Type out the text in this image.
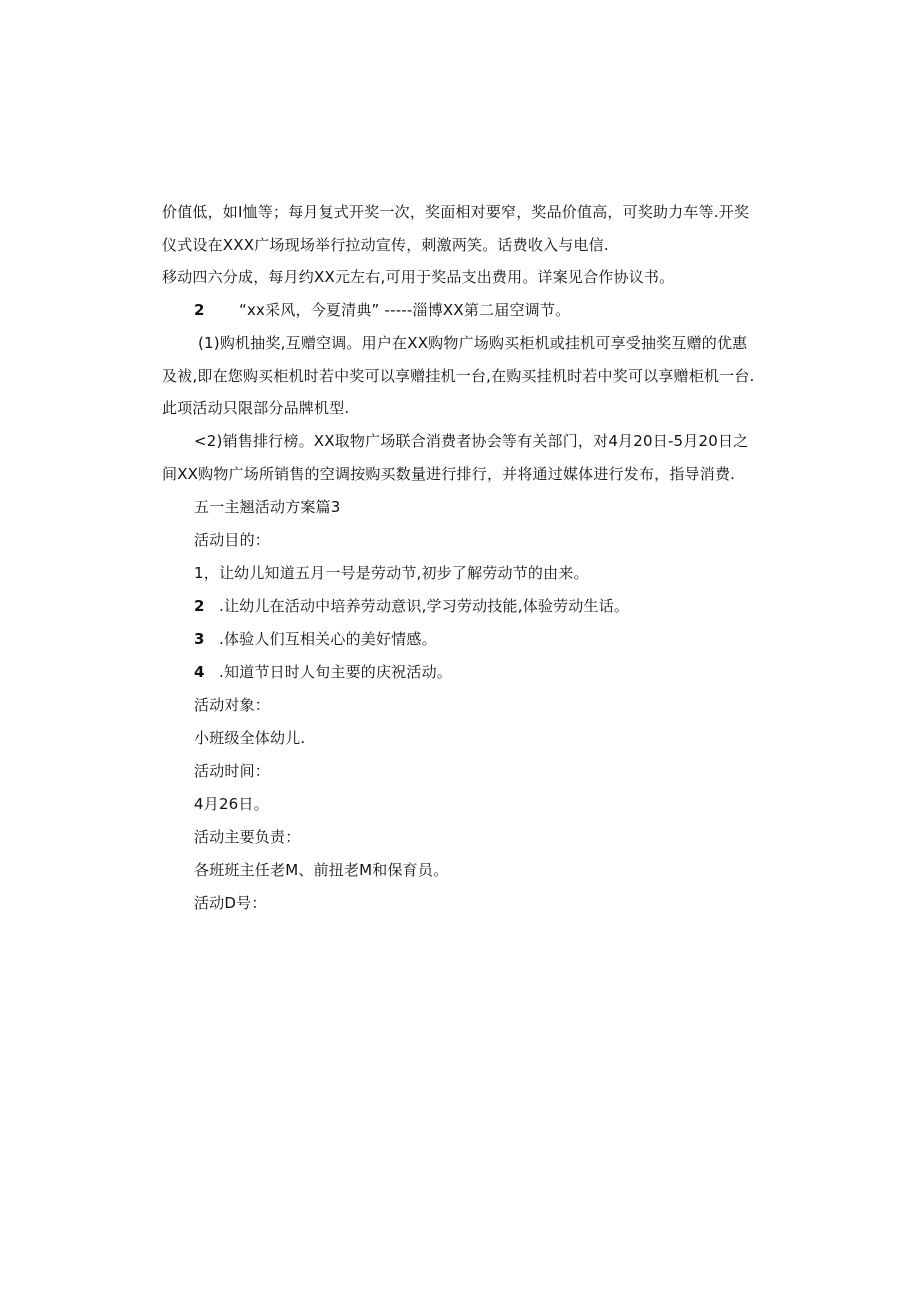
价值低，如I恤等；每月复式开奖一次，奖面相对要窄，奖品价值高，可奖助力车等.开奖
仪式设在XXX广场现场举行拉动宣传，刺激两笑。话费收入与电信.
移动四六分成，每月约XX元左右,可用于奖品支出费用。详案见合作协议书。
2 “xx采风，今夏清典” -----淄博XX第二届空调节。
(1)购机抽奖,互赠空调。用户在XX购物广场购买柜机或挂机可享受抽奖互赠的优惠
及袚,即在您购买柜机时若中奖可以享赠挂机一台,在购买挂机时若中奖可以享赠柜机一台.
此项活动只限部分品牌机型.
<2)销售排行榜。XX取物广场联合消费者协会等有关部门，对4月20日-5月20日之
间XX购物广场所销售的空调按购买数量进行排行，并将通过媒体进行发布，指导消费.
五一主翘活动方案篇3
活动目的：
1，让幼儿知道五月一号是劳动节,初步了解劳动节的由来。
2 .让幼儿在活动中培养劳动意识,学习劳动技能,体验劳动生话。
3 .体验人们互相关心的美好情感。
4 .知道节日时人旬主要的庆祝活动。
活动对象：
小班级全体幼儿.
活动时间：
4月26日。
活动主要负责：
各班班主任老M、前扭老M和保育员。
活动D号：
